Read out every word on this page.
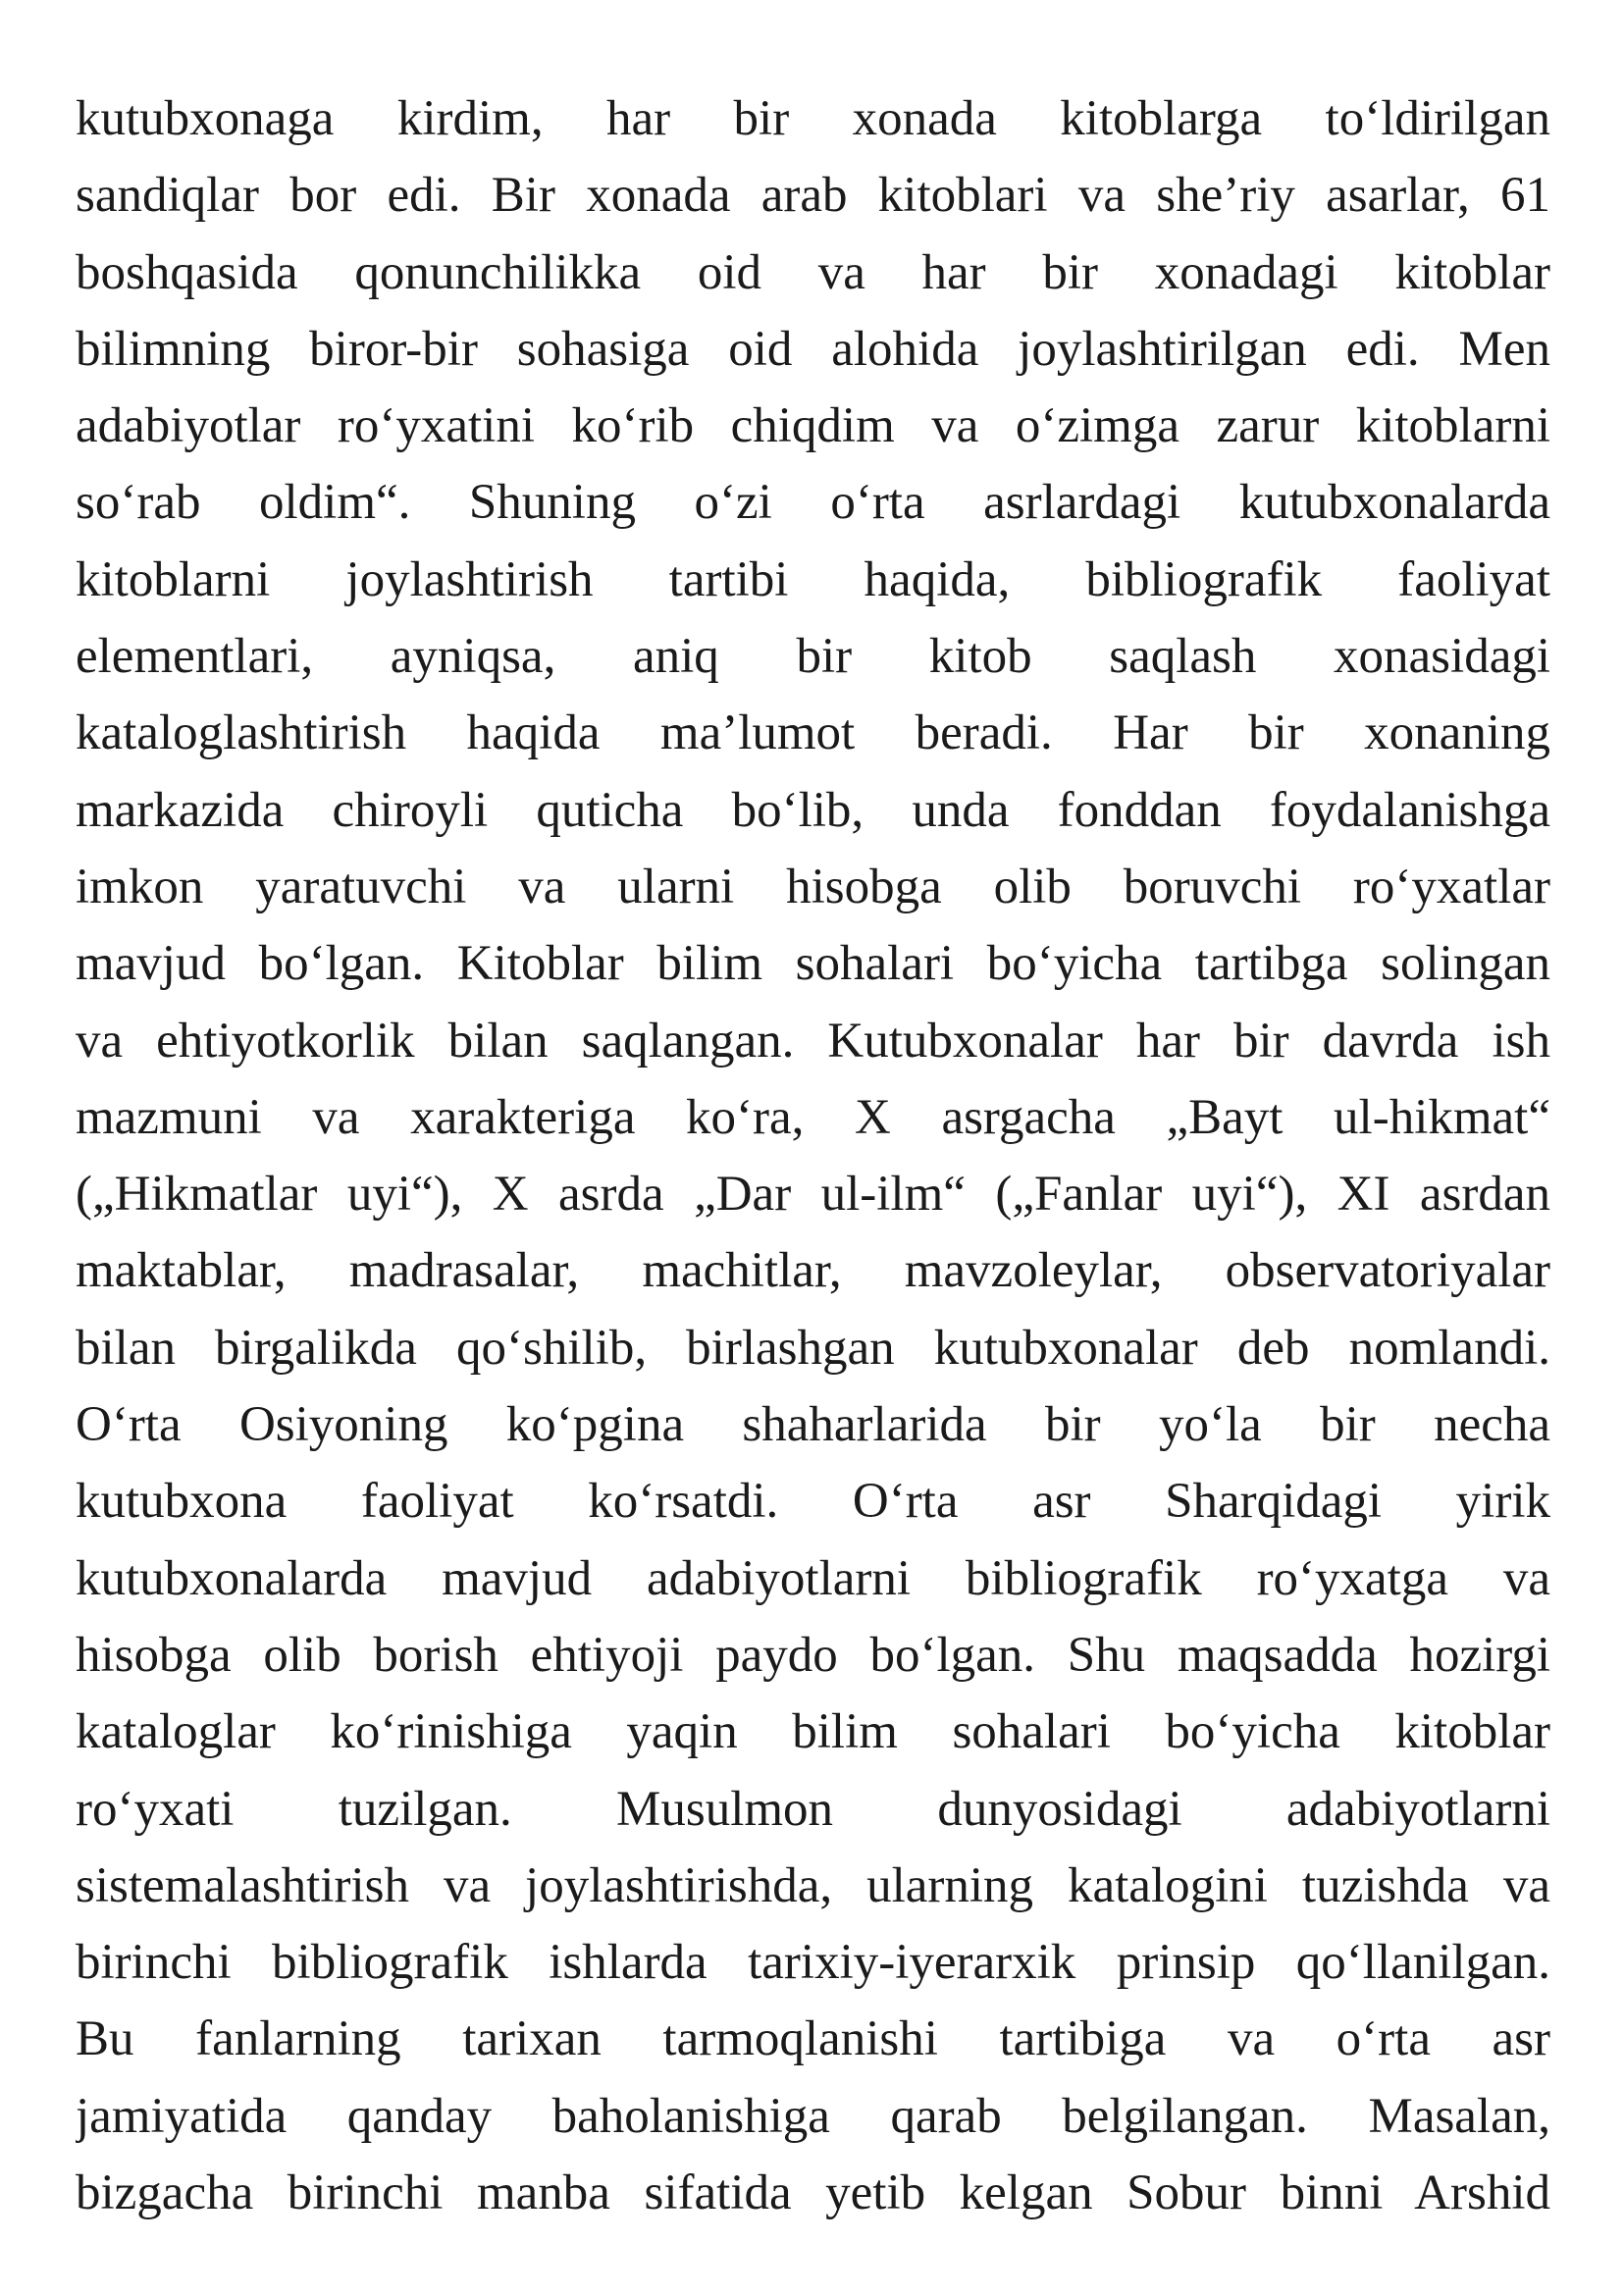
kutubxonaga kirdim, har bir xonada kitoblarga to‘ldirilgan
sandiqlar bor edi. Bir xonada arab kitoblari va she’riy asarlar, 61
boshqasida qonunchilikka oid va har bir xonadagi kitoblar
bilimning biror-bir sohasiga oid alohida joylashtirilgan edi. Men
adabiyotlar ro‘yxatini ko‘rib chiqdim va o‘zimga zarur kitoblarni
so‘rab oldim“. Shuning o‘zi o‘rta asrlardagi kutubxonalarda
kitoblarni joylashtirish tartibi haqida, bibliografik faoliyat
elementlari, ayniqsa, aniq bir kitob saqlash xonasidagi
kataloglashtirish haqida ma’lumot beradi. Har bir xonaning
markazida chiroyli quticha bo‘lib, unda fonddan foydalanishga
imkon yaratuvchi va ularni hisobga olib boruvchi ro‘yxatlar
mavjud bo‘lgan. Kitoblar bilim sohalari bo‘yicha tartibga solingan
va ehtiyotkorlik bilan saqlangan. Kutubxonalar har bir davrda ish
mazmuni va xarakteriga ko‘ra, X asrgacha „Bayt ul-hikmat“
(„Hikmatlar uyi“), X asrda „Dar ul-ilm“ („Fanlar uyi“), XI asrdan
maktablar, madrasalar, machitlar, mavzoleylar, observatoriyalar
bilan birgalikda qo‘shilib, birlashgan kutubxonalar deb nomlandi.
O‘rta Osiyoning ko‘pgina shaharlarida bir yo‘la bir necha
kutubxona faoliyat ko‘rsatdi. O‘rta asr Sharqidagi yirik
kutubxonalarda mavjud adabiyotlarni bibliografik ro‘yxatga va
hisobga olib borish ehtiyoji paydo bo‘lgan. Shu maqsadda hozirgi
kataloglar ko‘rinishiga yaqin bilim sohalari bo‘yicha kitoblar
ro‘yxati tuzilgan. Musulmon dunyosidagi adabiyotlarni
sistemalashtirish va joylashtirishda, ularning katalogini tuzishda va
birinchi bibliografik ishlarda tarixiy-iyerarxik prinsip qo‘llanilgan.
Bu fanlarning tarixan tarmoqlanishi tartibiga va o‘rta asr
jamiyatida qanday baholanishiga qarab belgilangan. Masalan,
bizgacha birinchi manba sifatida yetib kelgan Sobur binni Arshid
